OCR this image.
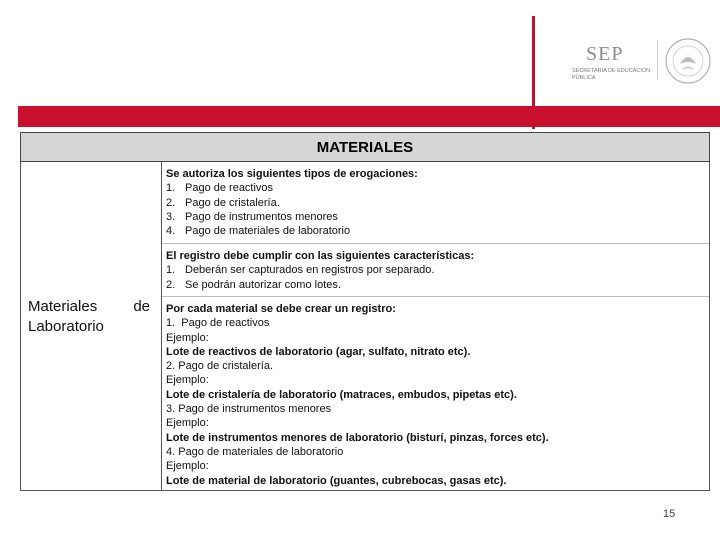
SEP
SECRETARÍA DE EDUCACIÓN PÚBLICA
MATERIALES
Materiales de Laboratorio
Se autoriza los siguientes tipos de erogaciones:
1. Pago de reactivos
2. Pago de cristalería.
3. Pago de instrumentos menores
4. Pago de materiales de laboratorio
El registro debe cumplir con las siguientes características:
1. Deberán ser capturados en registros por separado.
2. Se podrán autorizar como lotes.
Por cada material se debe crear un registro:
1.  Pago de reactivos
Ejemplo:
Lote de reactivos de laboratorio (agar, sulfato, nitrato etc).
2. Pago de cristalería.
Ejemplo:
Lote de cristalería de laboratorio (matraces, embudos, pipetas etc).
3. Pago de instrumentos menores
Ejemplo:
Lote de instrumentos menores de laboratorio (bisturí, pinzas, forces etc).
4. Pago de materiales de laboratorio
Ejemplo:
Lote de material de laboratorio (guantes, cubrebocas, gasas etc).
15
